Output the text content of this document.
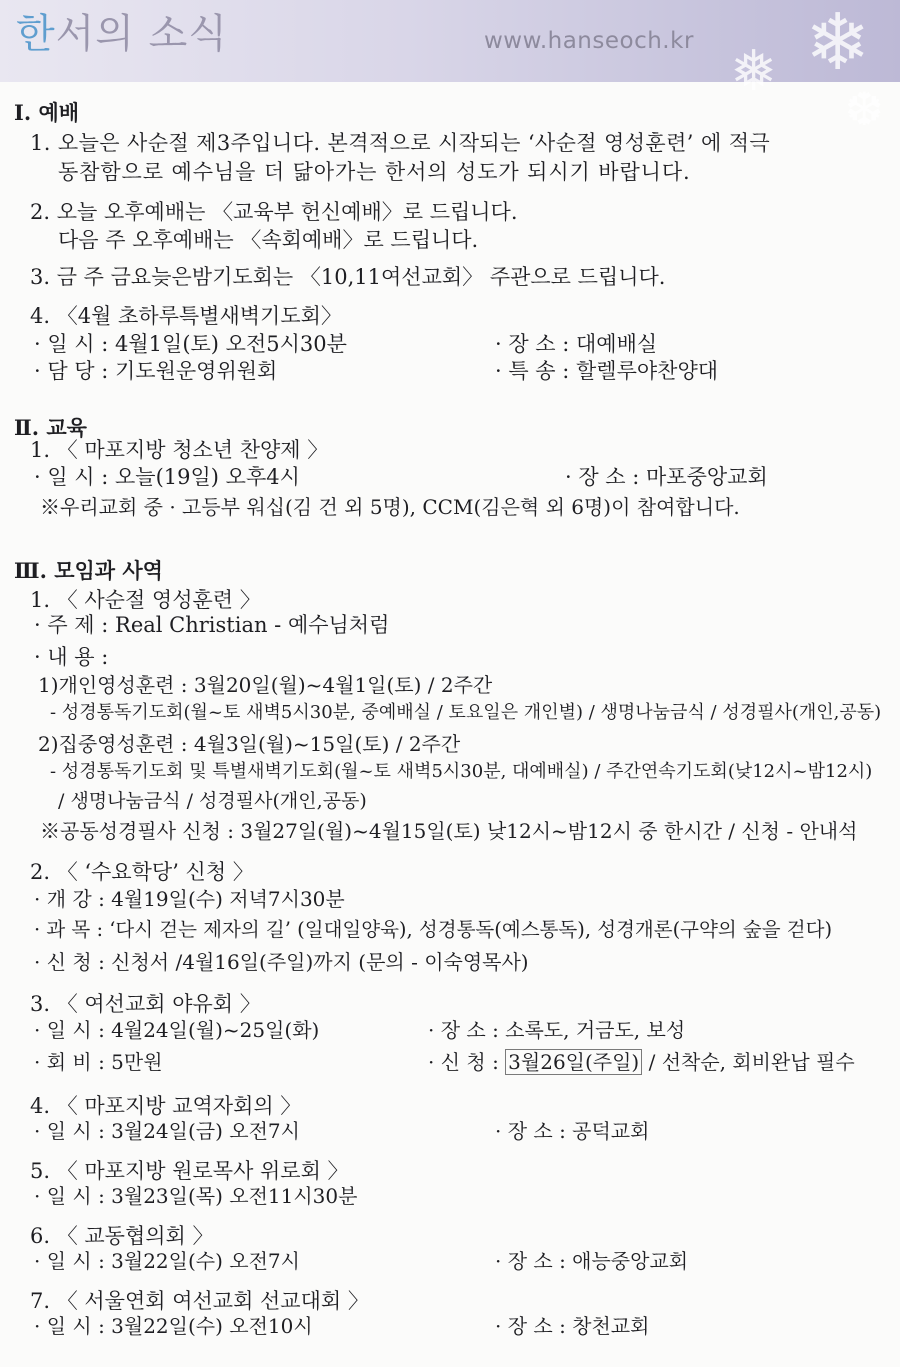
한서의 소식	www.hanseoch.kr ❄
❅
❆
Ⅰ. 예배
1. 오늘은 사순절 제3주입니다. 본격적으로 시작되는 ‘사순절 영성훈련’ 에 적극
동참함으로 예수님을 더 닮아가는 한서의 성도가 되시기 바랍니다.
2. 오늘 오후예배는 〈교육부 헌신예배〉로 드립니다.
다음 주 오후예배는 〈속회예배〉로 드립니다.
3. 금 주 금요늦은밤기도회는 〈10,11여선교회〉 주관으로 드립니다.
4. 〈4월 초하루특별새벽기도회〉
· 일 시 : 4월1일(토) 오전5시30분	· 장 소 : 대예배실
· 담 당 : 기도원운영위원회	· 특 송 : 할렐루야찬양대
Ⅱ. 교육
1. 〈 마포지방 청소년 찬양제 〉
· 일 시 : 오늘(19일) 오후4시	· 장 소 : 마포중앙교회
※우리교회 중 · 고등부 워십(김 건 외 5명), CCM(김은혁 외 6명)이 참여합니다.
Ⅲ. 모임과 사역
1. 〈 사순절 영성훈련 〉
· 주 제 : Real Christian - 예수님처럼
· 내 용 :
1)개인영성훈련 : 3월20일(월)~4월1일(토) / 2주간
- 성경통독기도회(월~토 새벽5시30분, 중예배실 / 토요일은 개인별) / 생명나눔금식 / 성경필사(개인,공동)
2)집중영성훈련 : 4월3일(월)~15일(토) / 2주간
- 성경통독기도회 및 특별새벽기도회(월~토 새벽5시30분, 대예배실) / 주간연속기도회(낮12시~밤12시)
/ 생명나눔금식 / 성경필사(개인,공동)
※공동성경필사 신청 : 3월27일(월)~4월15일(토) 낮12시~밤12시 중 한시간 / 신청 - 안내석
2. 〈 ‘수요학당’ 신청 〉
· 개 강 : 4월19일(수) 저녁7시30분
· 과 목 : ‘다시 걷는 제자의 길’ (일대일양육), 성경통독(예스통독), 성경개론(구약의 숲을 걷다)
· 신 청 : 신청서 /4월16일(주일)까지 (문의 - 이숙영목사)
3. 〈 여선교회 야유회 〉
· 일 시 : 4월24일(월)~25일(화)	· 장 소 : 소록도, 거금도, 보성
· 회 비 : 5만원	· 신 청 : 3월26일(주일) / 선착순, 회비완납 필수
4. 〈 마포지방 교역자회의 〉
· 일 시 : 3월24일(금) 오전7시	· 장 소 : 공덕교회
5. 〈 마포지방 원로목사 위로회 〉
· 일 시 : 3월23일(목) 오전11시30분
6. 〈 교동협의회 〉
· 일 시 : 3월22일(수) 오전7시	· 장 소 : 애능중앙교회
7. 〈 서울연회 여선교회 선교대회 〉
· 일 시 : 3월22일(수) 오전10시	· 장 소 : 창천교회
